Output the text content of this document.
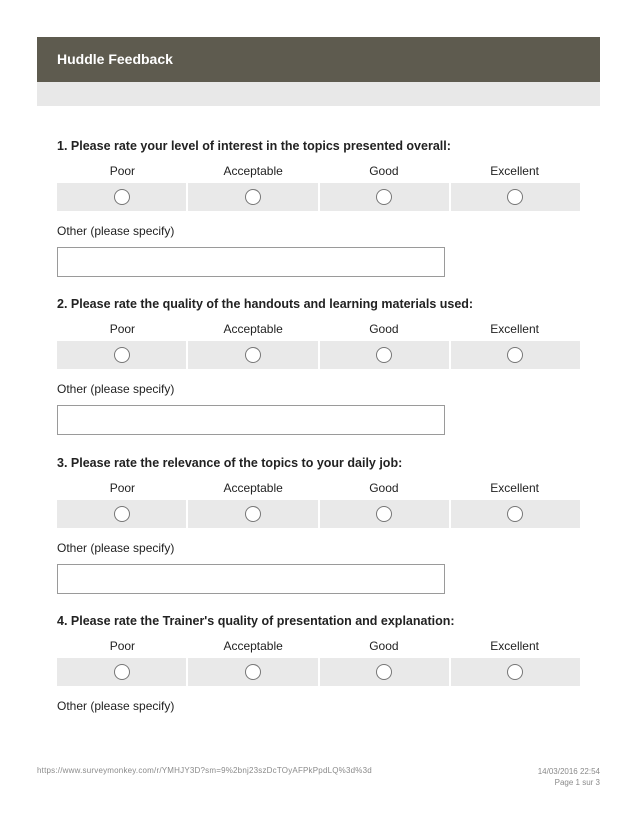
Huddle Feedback
1. Please rate your level of interest in the topics presented overall:
Poor	Acceptable	Good	Excellent
Other (please specify)
2. Please rate the quality of the handouts and learning materials used:
Poor	Acceptable	Good	Excellent
Other (please specify)
3. Please rate the relevance of the topics to your daily job:
Poor	Acceptable	Good	Excellent
Other (please specify)
4. Please rate the Trainer's quality of presentation and explanation:
Poor	Acceptable	Good	Excellent
Other (please specify)
https://www.surveymonkey.com/r/YMHJY3D?sm=9%2bnj23szDcTOyAFPkPpdLQ%3d%3d	14/03/2016 22:54
Page 1 sur 3
